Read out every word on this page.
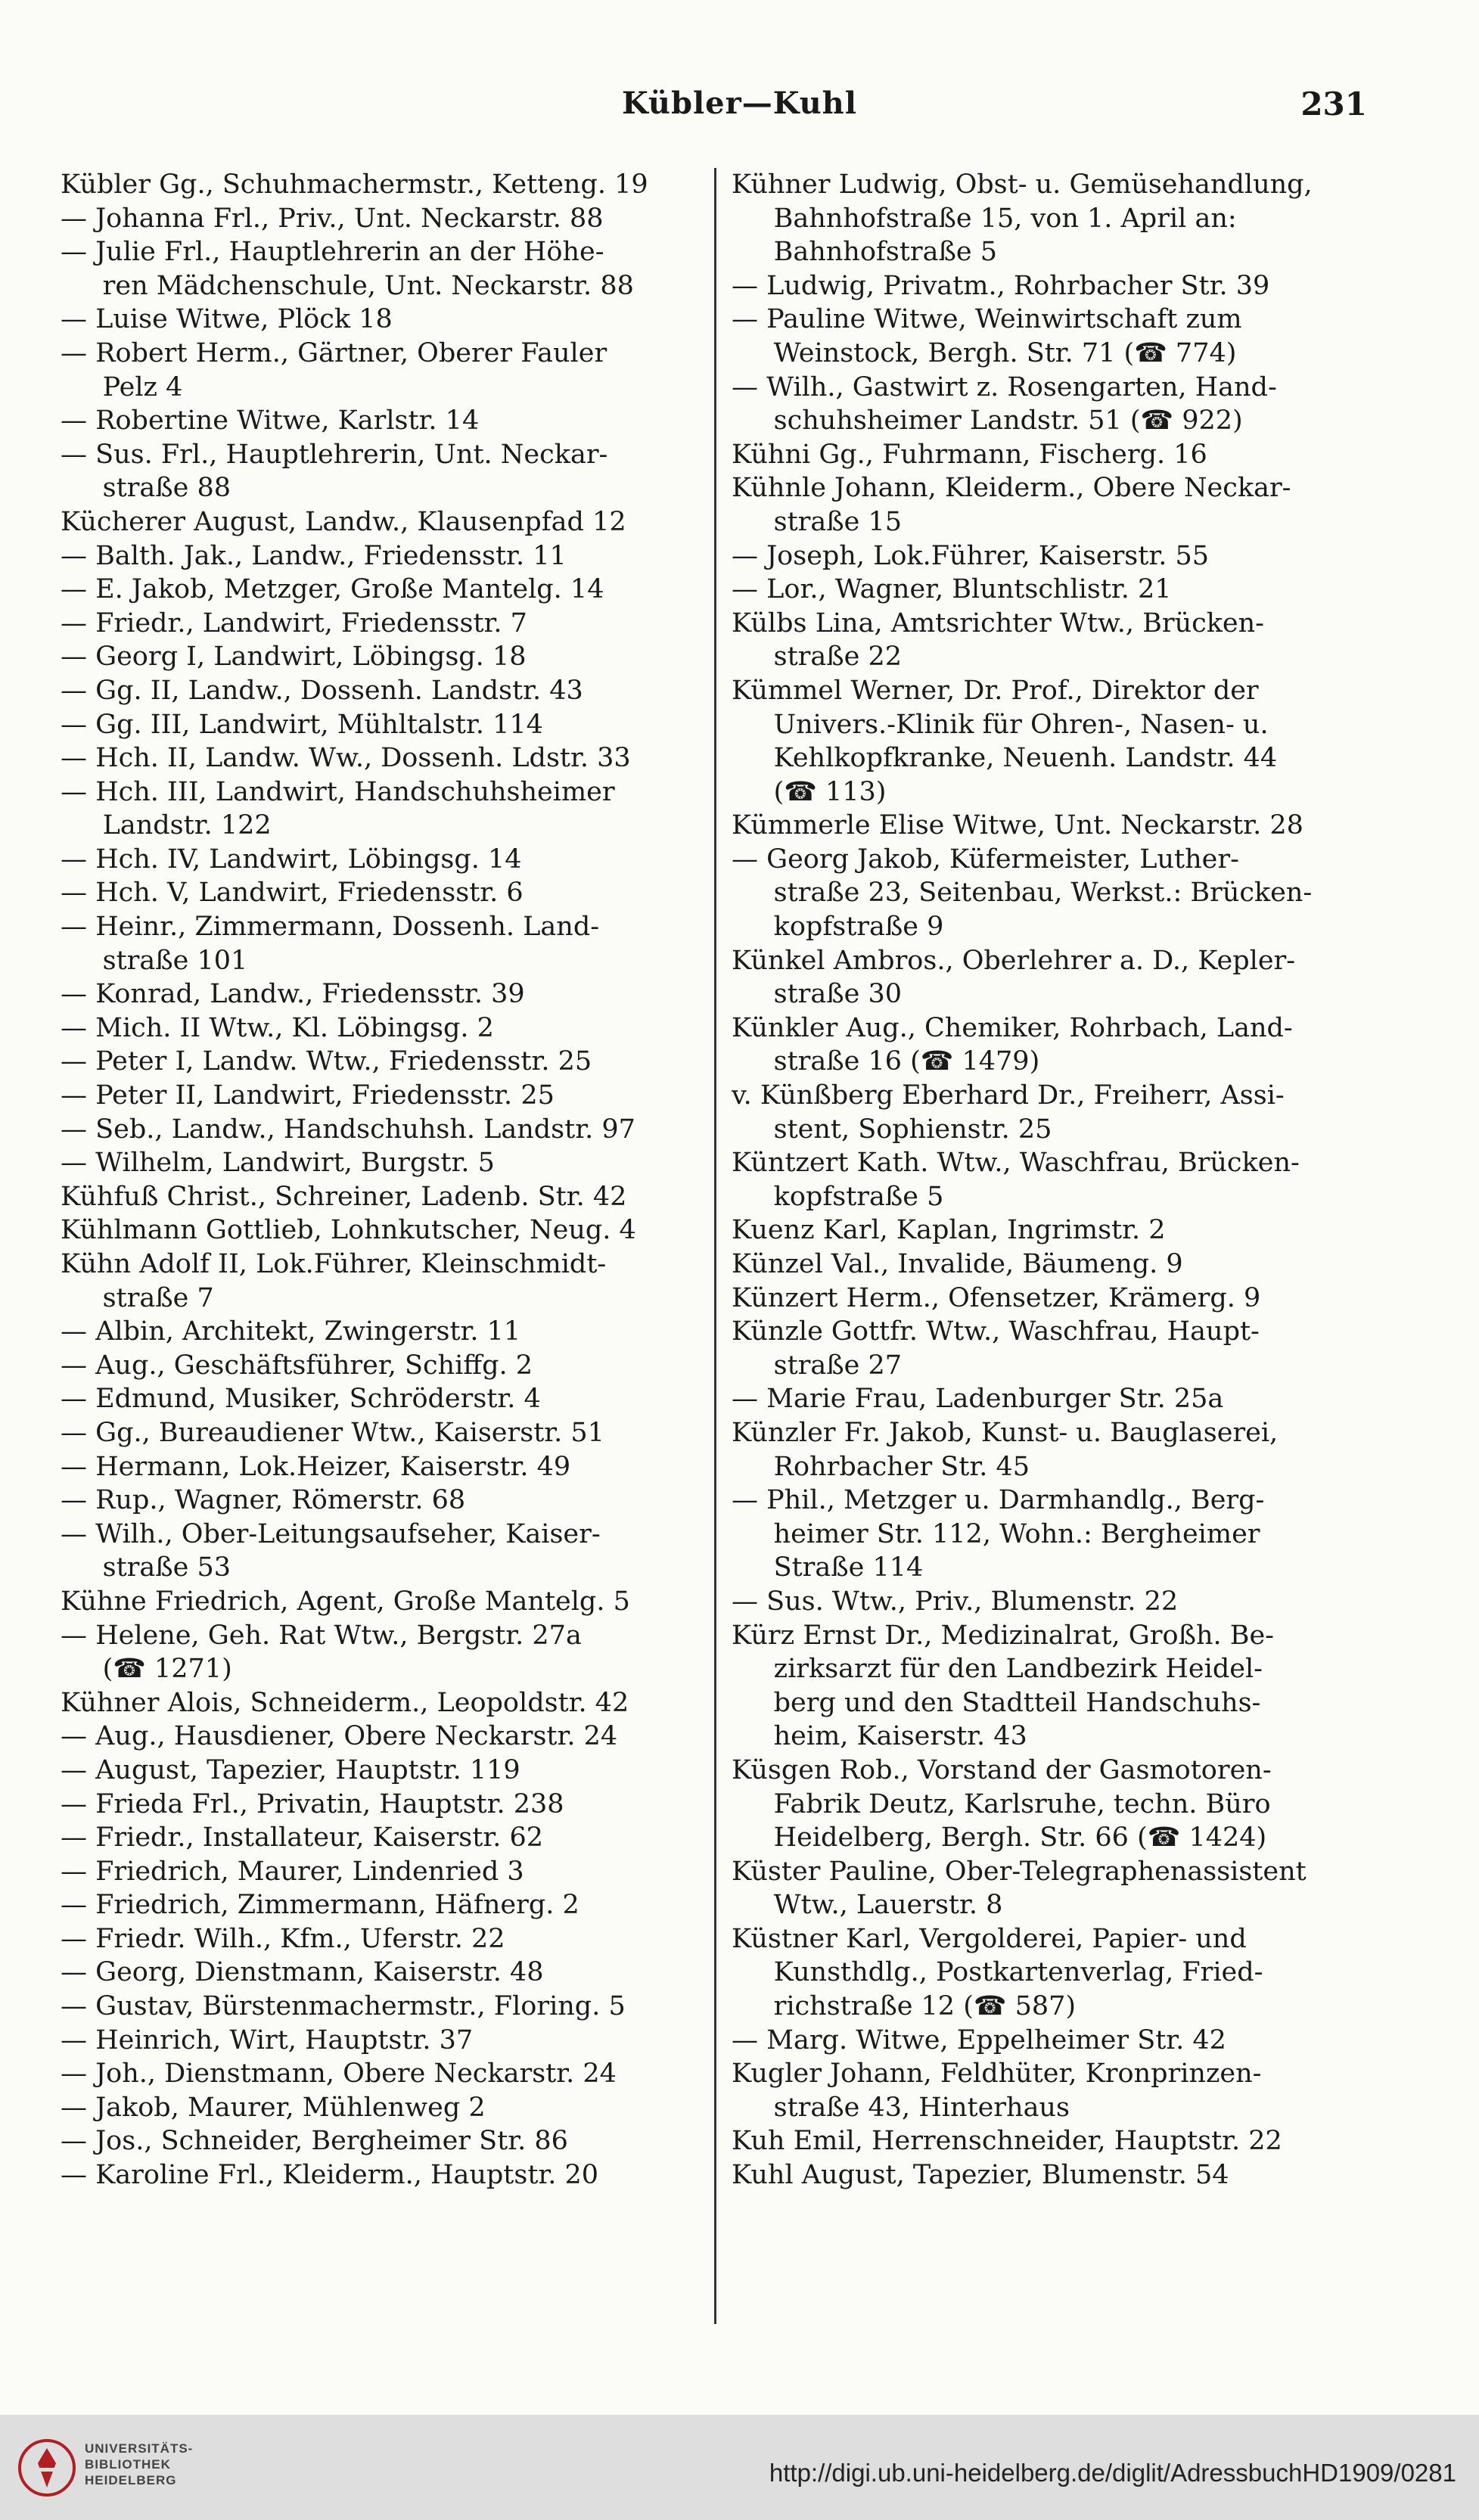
Kübler—Kuhl	231
Kübler Gg., Schuhmachermstr., Ketteng. 19
— Johanna Frl., Priv., Unt. Neckarstr. 88
— Julie Frl., Hauptlehrerin an der Höhe-
ren Mädchenschule, Unt. Neckarstr. 88
— Luise Witwe, Plöck 18
— Robert Herm., Gärtner, Oberer Fauler
Pelz 4
— Robertine Witwe, Karlstr. 14
— Sus. Frl., Hauptlehrerin, Unt. Neckar-
straße 88
Kücherer August, Landw., Klausenpfad 12
— Balth. Jak., Landw., Friedensstr. 11
— E. Jakob, Metzger, Große Mantelg. 14
— Friedr., Landwirt, Friedensstr. 7
— Georg I, Landwirt, Löbingsg. 18
— Gg. II, Landw., Dossenh. Landstr. 43
— Gg. III, Landwirt, Mühltalstr. 114
— Hch. II, Landw. Ww., Dossenh. Ldstr. 33
— Hch. III, Landwirt, Handschuhsheimer
Landstr. 122
— Hch. IV, Landwirt, Löbingsg. 14
— Hch. V, Landwirt, Friedensstr. 6
— Heinr., Zimmermann, Dossenh. Land-
straße 101
— Konrad, Landw., Friedensstr. 39
— Mich. II Wtw., Kl. Löbingsg. 2
— Peter I, Landw. Wtw., Friedensstr. 25
— Peter II, Landwirt, Friedensstr. 25
— Seb., Landw., Handschuhsh. Landstr. 97
— Wilhelm, Landwirt, Burgstr. 5
Kühfuß Christ., Schreiner, Ladenb. Str. 42
Kühlmann Gottlieb, Lohnkutscher, Neug. 4
Kühn Adolf II, Lok.Führer, Kleinschmidt-
straße 7
— Albin, Architekt, Zwingerstr. 11
— Aug., Geschäftsführer, Schiffg. 2
— Edmund, Musiker, Schröderstr. 4
— Gg., Bureaudiener Wtw., Kaiserstr. 51
— Hermann, Lok.Heizer, Kaiserstr. 49
— Rup., Wagner, Römerstr. 68
— Wilh., Ober-Leitungsaufseher, Kaiser-
straße 53
Kühne Friedrich, Agent, Große Mantelg. 5
— Helene, Geh. Rat Wtw., Bergstr. 27a
(☎ 1271)
Kühner Alois, Schneiderm., Leopoldstr. 42
— Aug., Hausdiener, Obere Neckarstr. 24
— August, Tapezier, Hauptstr. 119
— Frieda Frl., Privatin, Hauptstr. 238
— Friedr., Installateur, Kaiserstr. 62
— Friedrich, Maurer, Lindenried 3
— Friedrich, Zimmermann, Häfnerg. 2
— Friedr. Wilh., Kfm., Uferstr. 22
— Georg, Dienstmann, Kaiserstr. 48
— Gustav, Bürstenmachermstr., Floring. 5
— Heinrich, Wirt, Hauptstr. 37
— Joh., Dienstmann, Obere Neckarstr. 24
— Jakob, Maurer, Mühlenweg 2
— Jos., Schneider, Bergheimer Str. 86
— Karoline Frl., Kleiderm., Hauptstr. 20
Kühner Ludwig, Obst- u. Gemüsehandlung,
Bahnhofstraße 15, von 1. April an:
Bahnhofstraße 5
— Ludwig, Privatm., Rohrbacher Str. 39
— Pauline Witwe, Weinwirtschaft zum
Weinstock, Bergh. Str. 71 (☎ 774)
— Wilh., Gastwirt z. Rosengarten, Hand-
schuhsheimer Landstr. 51 (☎ 922)
Kühni Gg., Fuhrmann, Fischerg. 16
Kühnle Johann, Kleiderm., Obere Neckar-
straße 15
— Joseph, Lok.Führer, Kaiserstr. 55
— Lor., Wagner, Bluntschlistr. 21
Külbs Lina, Amtsrichter Wtw., Brücken-
straße 22
Kümmel Werner, Dr. Prof., Direktor der
Univers.-Klinik für Ohren-, Nasen- u.
Kehlkopfkranke, Neuenh. Landstr. 44
(☎ 113)
Kümmerle Elise Witwe, Unt. Neckarstr. 28
— Georg Jakob, Küfermeister, Luther-
straße 23, Seitenbau, Werkst.: Brücken-
kopfstraße 9
Künkel Ambros., Oberlehrer a. D., Kepler-
straße 30
Künkler Aug., Chemiker, Rohrbach, Land-
straße 16 (☎ 1479)
v. Künßberg Eberhard Dr., Freiherr, Assi-
stent, Sophienstr. 25
Küntzert Kath. Wtw., Waschfrau, Brücken-
kopfstraße 5
Kuenz Karl, Kaplan, Ingrimstr. 2
Künzel Val., Invalide, Bäumeng. 9
Künzert Herm., Ofensetzer, Krämerg. 9
Künzle Gottfr. Wtw., Waschfrau, Haupt-
straße 27
— Marie Frau, Ladenburger Str. 25a
Künzler Fr. Jakob, Kunst- u. Bauglaserei,
Rohrbacher Str. 45
— Phil., Metzger u. Darmhandlg., Berg-
heimer Str. 112, Wohn.: Bergheimer
Straße 114
— Sus. Wtw., Priv., Blumenstr. 22
Kürz Ernst Dr., Medizinalrat, Großh. Be-
zirksarzt für den Landbezirk Heidel-
berg und den Stadtteil Handschuhs-
heim, Kaiserstr. 43
Küsgen Rob., Vorstand der Gasmotoren-
Fabrik Deutz, Karlsruhe, techn. Büro
Heidelberg, Bergh. Str. 66 (☎ 1424)
Küster Pauline, Ober-Telegraphenassistent
Wtw., Lauerstr. 8
Küstner Karl, Vergolderei, Papier- und
Kunsthdlg., Postkartenverlag, Fried-
richstraße 12 (☎ 587)
— Marg. Witwe, Eppelheimer Str. 42
Kugler Johann, Feldhüter, Kronprinzen-
straße 43, Hinterhaus
Kuh Emil, Herrenschneider, Hauptstr. 22
Kuhl August, Tapezier, Blumenstr. 54
UNIVERSITÄTS-
BIBLIOTHEK
HEIDELBERG	http://digi.ub.uni-heidelberg.de/diglit/AdressbuchHD1909/0281
